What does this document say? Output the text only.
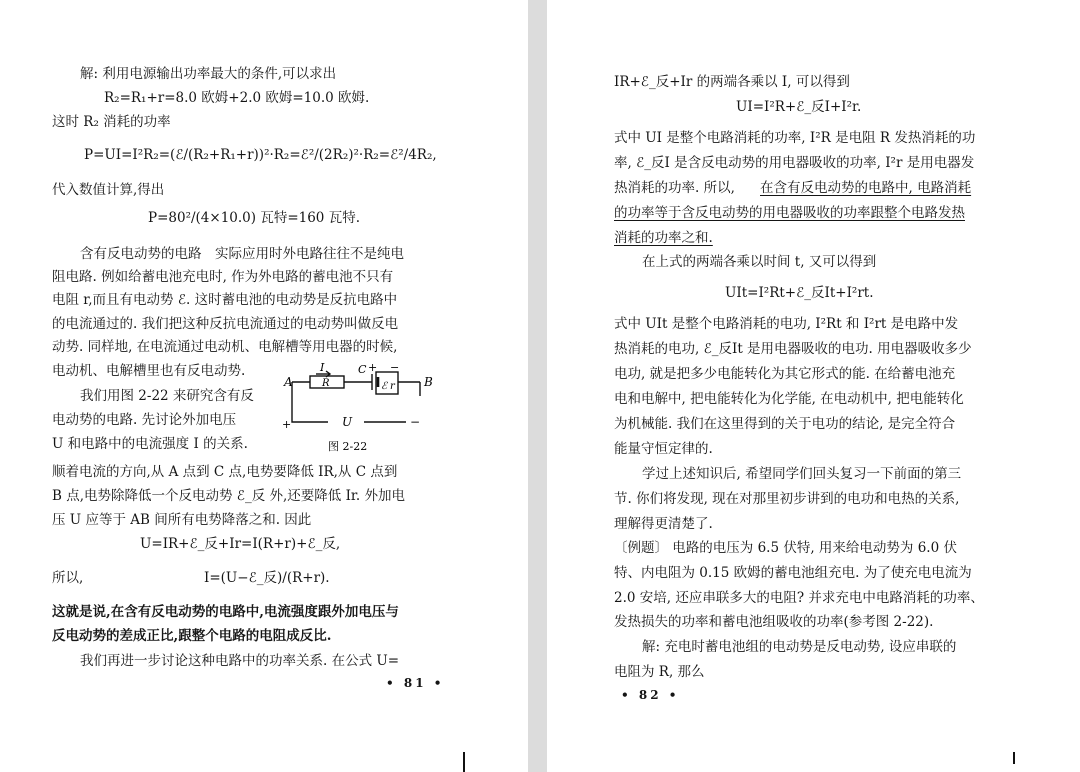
解: 利用电源输出功率最大的条件,可以求出
R₂=R₁+r=8.0 欧姆+2.0 欧姆=10.0 欧姆.
这时 R₂ 消耗的功率
P=UI=I²R₂=(ℰ/(R₂+R₁+r))²·R₂=ℰ²/(2R₂)²·R₂=ℰ²/4R₂,
代入数值计算,得出
P=80²/(4×10.0) 瓦特=160 瓦特.
含有反电动势的电路　实际应用时外电路往往不是纯电
阻电路. 例如给蓄电池充电时, 作为外电路的蓄电池不只有
电阻 r,而且有电动势 ℰ. 这时蓄电池的电动势是反抗电路中
的电流通过的. 我们把这种反抗电流通过的电动势叫做反电
动势. 同样地, 在电流通过电动机、电解槽等用电器的时候,
电动机、电解槽里也有反电动势.
我们用图 2-22 来研究含有反
电动势的电路. 先讨论外加电压
U 和电路中的电流强度 I 的关系.
A
I	C + −
B
R	ℰ r
+	U	−
图 2-22
顺着电流的方向,从 A 点到 C 点,电势要降低 IR,从 C 点到
B 点,电势除降低一个反电动势 ℰ_反 外,还要降低 Ir. 外加电
压 U 应等于 AB 间所有电势降落之和. 因此
U=IR+ℰ_反+Ir=I(R+r)+ℰ_反,
所以,	I=(U−ℰ_反)/(R+r).
这就是说,在含有反电动势的电路中,电流强度跟外加电压与
反电动势的差成正比,跟整个电路的电阻成反比.
我们再进一步讨论这种电路中的功率关系. 在公式 U=
• 81 •
IR+ℰ_反+Ir 的两端各乘以 I, 可以得到
UI=I²R+ℰ_反I+I²r.
式中 UI 是整个电路消耗的功率, I²R 是电阻 R 发热消耗的功
率, ℰ_反I 是含反电动势的用电器吸收的功率, I²r 是用电器发
热消耗的功率. 所以, 在含有反电动势的电路中, 电路消耗
的功率等于含反电动势的用电器吸收的功率跟整个电路发热
消耗的功率之和.
在上式的两端各乘以时间 t, 又可以得到
UIt=I²Rt+ℰ_反It+I²rt.
式中 UIt 是整个电路消耗的电功, I²Rt 和 I²rt 是电路中发
热消耗的电功, ℰ_反It 是用电器吸收的电功. 用电器吸收多少
电功, 就是把多少电能转化为其它形式的能. 在给蓄电池充
电和电解中, 把电能转化为化学能, 在电动机中, 把电能转化
为机械能. 我们在这里得到的关于电功的结论, 是完全符合
能量守恒定律的.
学过上述知识后, 希望同学们回头复习一下前面的第三
节. 你们将发现, 现在对那里初步讲到的电功和电热的关系,
理解得更清楚了.
〔例题〕 电路的电压为 6.5 伏特, 用来给电动势为 6.0 伏
特、内电阻为 0.15 欧姆的蓄电池组充电. 为了使充电电流为
2.0 安培, 还应串联多大的电阻? 并求充电中电路消耗的功率、
发热损失的功率和蓄电池组吸收的功率(参考图 2-22).
解: 充电时蓄电池组的电动势是反电动势, 设应串联的
电阻为 R, 那么
• 82 •
